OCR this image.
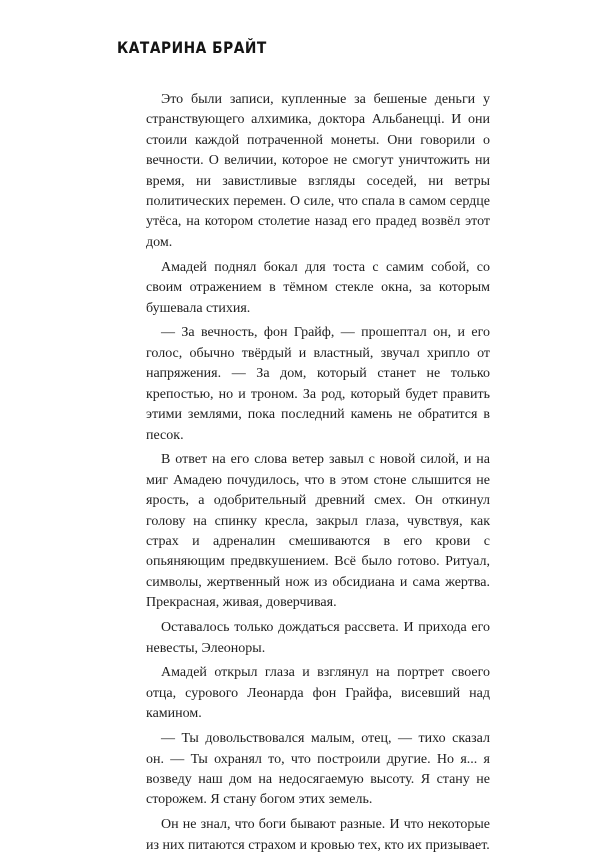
КАТАРИНА БРАЙТ

Это были записи, купленные за бешеные деньги у странствующего алхимика, доктора Альбанеццi. И они стоили каждой потраченной монеты. Они говорили о вечности. О величии, которое не смогут уничтожить ни время, ни завистливые взгляды соседей, ни ветры политических перемен. О силе, что спала в самом сердце утёса, на котором столетие назад его прадед возвёл этот дом.

Амадей поднял бокал для тоста с самим собой, со своим отражением в тёмном стекле окна, за которым бушевала стихия.

— За вечность, фон Грайф, — прошептал он, и его голос, обычно твёрдый и властный, звучал хрипло от напряжения. — За дом, который станет не только крепостью, но и троном. За род, который будет править этими землями, пока последний камень не обратится в песок.

В ответ на его слова ветер завыл с новой силой, и на миг Амадею почудилось, что в этом стоне слышится не ярость, а одобрительный древний смех. Он откинул голову на спинку кресла, закрыл глаза, чувствуя, как страх и адреналин смешиваются в его крови с опьяняющим предвкушением. Всё было готово. Ритуал, символы, жертвенный нож из обсидиана и сама жертва. Прекрасная, живая, доверчивая.

Оставалось только дождаться рассвета. И прихода его невесты, Элеоноры.

Амадей открыл глаза и взглянул на портрет своего отца, сурового Леонарда фон Грайфа, висевший над камином.

— Ты довольствовался малым, отец, — тихо сказал он. — Ты охранял то, что построили другие. Но я... я возведу наш дом на недосягаемую высоту. Я стану не сторожем. Я стану богом этих земель.

Он не знал, что боги бывают разные. И что некоторые из них питаются страхом и кровью тех, кто их призывает.
